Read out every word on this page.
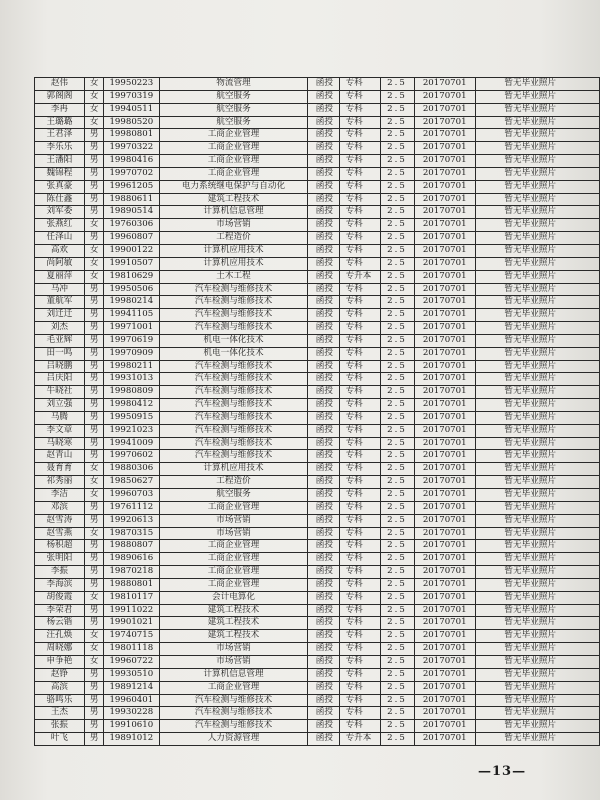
赵伟	女	19950223	物流管理	函授	专科	2.5	20170701	暂无毕业照片
郭阁阁	女	19970319	航空服务	函授	专科	2.5	20170701	暂无毕业照片
李冉	女	19940511	航空服务	函授	专科	2.5	20170701	暂无毕业照片
王璐璐	女	19980520	航空服务	函授	专科	2.5	20170701	暂无毕业照片
王君泽	男	19980801	工商企业管理	函授	专科	2.5	20170701	暂无毕业照片
李乐乐	男	19970322	工商企业管理	函授	专科	2.5	20170701	暂无毕业照片
王潘阳	男	19980416	工商企业管理	函授	专科	2.5	20170701	暂无毕业照片
魏锦程	男	19970702	工商企业管理	函授	专科	2.5	20170701	暂无毕业照片
张真豪	男	19961205	电力系统继电保护与自动化	函授	专科	2.5	20170701	暂无毕业照片
陈仕鑫	男	19880611	建筑工程技术	函授	专科	2.5	20170701	暂无毕业照片
刘军委	男	19890514	计算机信息管理	函授	专科	2.5	20170701	暂无毕业照片
张燕红	女	19760306	市场营销	函授	专科	2.5	20170701	暂无毕业照片
任泽山	男	19960807	工程造价	函授	专科	2.5	20170701	暂无毕业照片
高欢	女	19900122	计算机应用技术	函授	专科	2.5	20170701	暂无毕业照片
尚阿敏	女	19910507	计算机应用技术	函授	专科	2.5	20170701	暂无毕业照片
夏丽萍	女	19810629	土木工程	函授	专升本	2.5	20170701	暂无毕业照片
马冲	男	19950506	汽车检测与维修技术	函授	专科	2.5	20170701	暂无毕业照片
董航军	男	19980214	汽车检测与维修技术	函授	专科	2.5	20170701	暂无毕业照片
刘迁迁	男	19941105	汽车检测与维修技术	函授	专科	2.5	20170701	暂无毕业照片
刘杰	男	19971001	汽车检测与维修技术	函授	专科	2.5	20170701	暂无毕业照片
毛亚辉	男	19970619	机电一体化技术	函授	专科	2.5	20170701	暂无毕业照片
田一鸣	男	19970909	机电一体化技术	函授	专科	2.5	20170701	暂无毕业照片
吕晓鹏	男	19980211	汽车检测与维修技术	函授	专科	2.5	20170701	暂无毕业照片
吕庆阳	男	19931013	汽车检测与维修技术	函授	专科	2.5	20170701	暂无毕业照片
牛晓社	男	19980809	汽车检测与维修技术	函授	专科	2.5	20170701	暂无毕业照片
刘立强	男	19980412	汽车检测与维修技术	函授	专科	2.5	20170701	暂无毕业照片
马腾	男	19950915	汽车检测与维修技术	函授	专科	2.5	20170701	暂无毕业照片
李文章	男	19921023	汽车检测与维修技术	函授	专科	2.5	20170701	暂无毕业照片
马晓寒	男	19941009	汽车检测与维修技术	函授	专科	2.5	20170701	暂无毕业照片
赵青山	男	19970602	汽车检测与维修技术	函授	专科	2.5	20170701	暂无毕业照片
聂育育	女	19880306	计算机应用技术	函授	专科	2.5	20170701	暂无毕业照片
祁秀丽	女	19850627	工程造价	函授	专科	2.5	20170701	暂无毕业照片
李洁	女	19960703	航空服务	函授	专科	2.5	20170701	暂无毕业照片
邓滨	男	19761112	工商企业管理	函授	专科	2.5	20170701	暂无毕业照片
赵雪涛	男	19920613	市场营销	函授	专科	2.5	20170701	暂无毕业照片
赵雪燕	女	19870315	市场营销	函授	专科	2.5	20170701	暂无毕业照片
杨积超	男	19880807	工商企业管理	函授	专科	2.5	20170701	暂无毕业照片
张明阳	男	19890616	工商企业管理	函授	专科	2.5	20170701	暂无毕业照片
李振	男	19870218	工商企业管理	函授	专科	2.5	20170701	暂无毕业照片
李海滨	男	19880801	工商企业管理	函授	专科	2.5	20170701	暂无毕业照片
胡俊霞	女	19810117	会计电算化	函授	专科	2.5	20170701	暂无毕业照片
李荣君	男	19911022	建筑工程技术	函授	专科	2.5	20170701	暂无毕业照片
杨云锴	男	19901021	建筑工程技术	函授	专科	2.5	20170701	暂无毕业照片
汪孔焕	女	19740715	建筑工程技术	函授	专科	2.5	20170701	暂无毕业照片
周晓娜	女	19801118	市场营销	函授	专科	2.5	20170701	暂无毕业照片
申争艳	女	19960722	市场营销	函授	专科	2.5	20170701	暂无毕业照片
赵铮	男	19930510	计算机信息管理	函授	专科	2.5	20170701	暂无毕业照片
高滨	男	19891214	工商企业管理	函授	专科	2.5	20170701	暂无毕业照片
骆鸣乐	男	19960401	汽车检测与维修技术	函授	专科	2.5	20170701	暂无毕业照片
王杰	男	19930228	汽车检测与维修技术	函授	专科	2.5	20170701	暂无毕业照片
张振	男	19910610	汽车检测与维修技术	函授	专科	2.5	20170701	暂无毕业照片
叶飞	男	19891012	人力资源管理	函授	专升本	2.5	20170701	暂无毕业照片
—13—
